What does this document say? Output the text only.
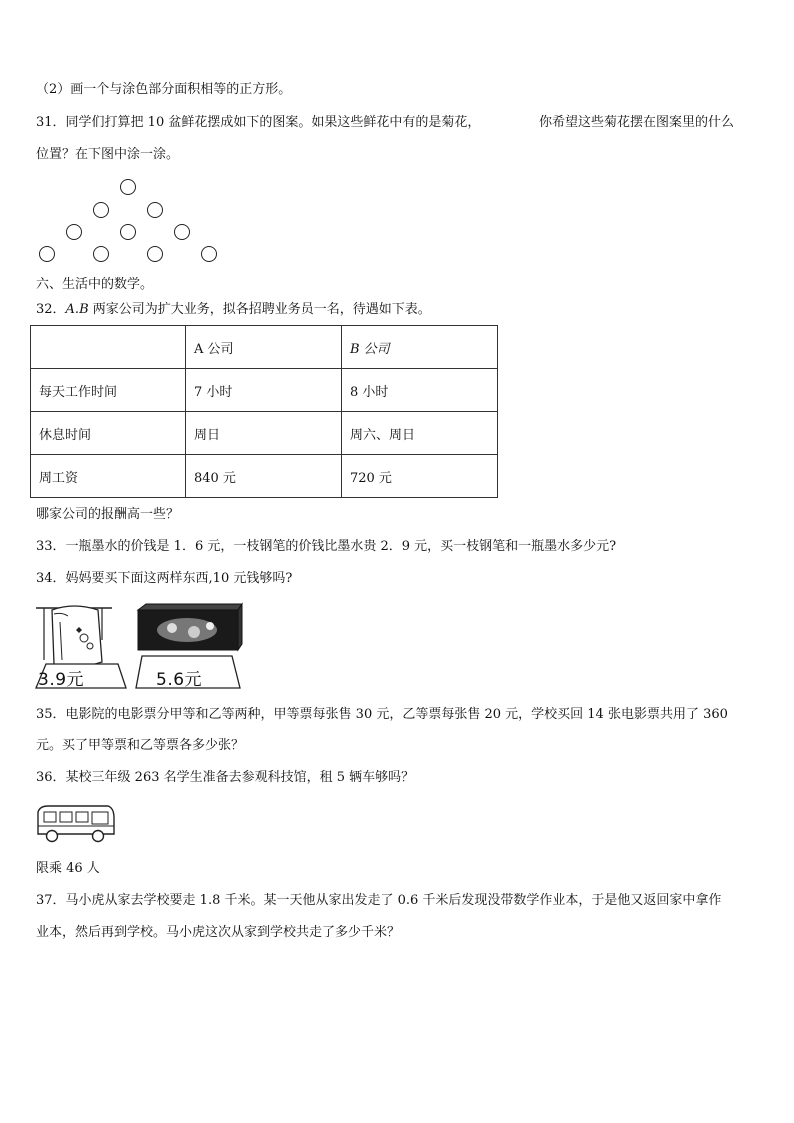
（2）画一个与涂色部分面积相等的正方形。
31．同学们打算把 10 盆鲜花摆成如下的图案。如果这些鲜花中有的是菊花，	你希望这些菊花摆在图案里的什么
位置？在下图中涂一涂。
六、生活中的数学。
32．A.B 两家公司为扩大业务，拟各招聘业务员一名，待遇如下表。
	A 公司	B 公司
每天工作时间	7 小时	8 小时
休息时间	周日	周六、周日
周工资	840 元	720 元
哪家公司的报酬高一些？
33．一瓶墨水的价钱是 1．6 元，一枝钢笔的价钱比墨水贵 2．9 元，买一枝钢笔和一瓶墨水多少元?
34．妈妈要买下面这两样东西,10 元钱够吗?
3.9元	5.6元
35．电影院的电影票分甲等和乙等两种，甲等票每张售 30 元，乙等票每张售 20 元，学校买回 14 张电影票共用了 360
元。买了甲等票和乙等票各多少张？
36．某校三年级 263 名学生准备去参观科技馆，租 5 辆车够吗？
限乘 46 人
37．马小虎从家去学校要走 1.8 千米。某一天他从家出发走了 0.6 千米后发现没带数学作业本，于是他又返回家中拿作
业本，然后再到学校。马小虎这次从家到学校共走了多少千米？
